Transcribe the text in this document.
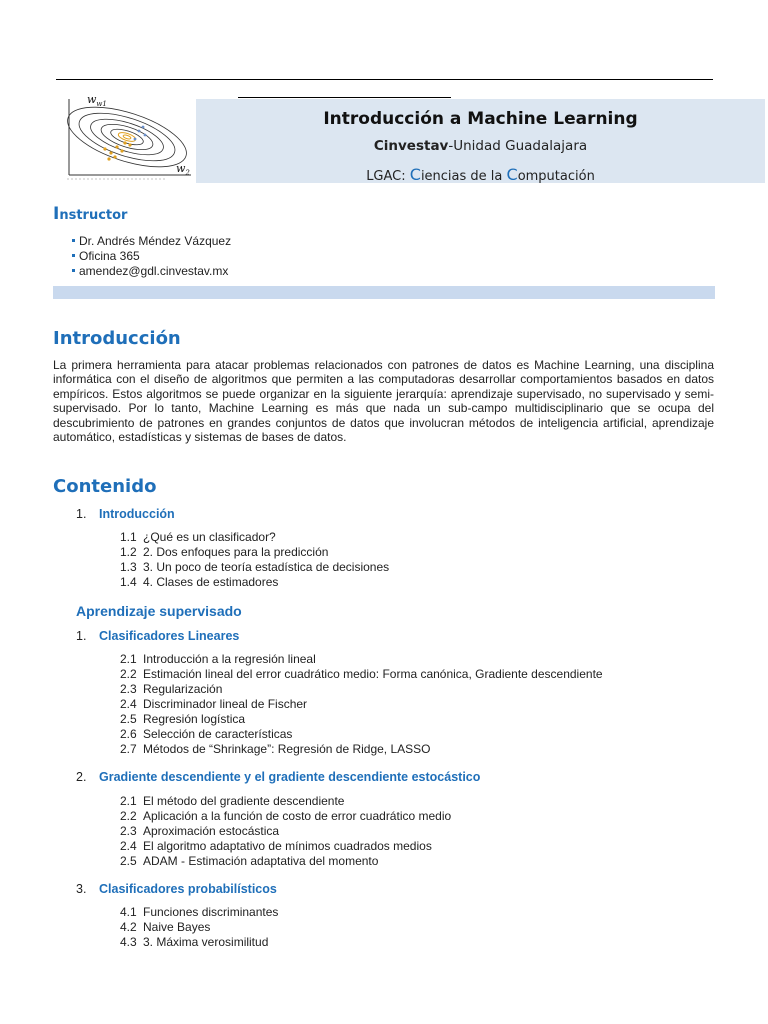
$w_{w1}$
$w_2$
Introducción a Machine Learning
Cinvestav-Unidad Guadalajara
LGAC: Ciencias de la Computación
Instructor
Dr. Andrés Méndez Vázquez
Oficina 365
amendez@gdl.cinvestav.mx
Introducción

La primera herramienta para atacar problemas relacionados con patrones de datos es Machine Learning, una disciplina informática con el diseño de algoritmos que permiten a las computadoras desarrollar comportamientos basados en datos empíricos. Estos algoritmos se puede organizar en la siguiente jerarquía: aprendizaje supervisado, no supervisado y semi-supervisado. Por lo tanto, Machine Learning es más que nada un sub-campo multidisciplinario que se ocupa del descubrimiento de patrones en grandes conjuntos de datos que involucran métodos de inteligencia artificial, aprendizaje automático, estadísticas y sistemas de bases de datos.

Contenido
1. Introducción
1.1 ¿Qué es un clasificador?
1.2 2. Dos enfoques para la predicción
1.3 3. Un poco de teoría estadística de decisiones
1.4 4. Clases de estimadores
Aprendizaje supervisado
1. Clasificadores Lineares
2.1 Introducción a la regresión lineal
2.2 Estimación lineal del error cuadrático medio: Forma canónica, Gradiente descendiente
2.3 Regularización
2.4 Discriminador lineal de Fischer
2.5 Regresión logística
2.6 Selección de características
2.7 Métodos de “Shrinkage”: Regresión de Ridge, LASSO
2. Gradiente descendiente y el gradiente descendiente estocástico
2.1 El método del gradiente descendiente
2.2 Aplicación a la función de costo de error cuadrático medio
2.3 Aproximación estocástica
2.4 El algoritmo adaptativo de mínimos cuadrados medios
2.5 ADAM - Estimación adaptativa del momento
3. Clasificadores probabilísticos
4.1 Funciones discriminantes
4.2 Naive Bayes
4.3 3. Máxima verosimilitud
